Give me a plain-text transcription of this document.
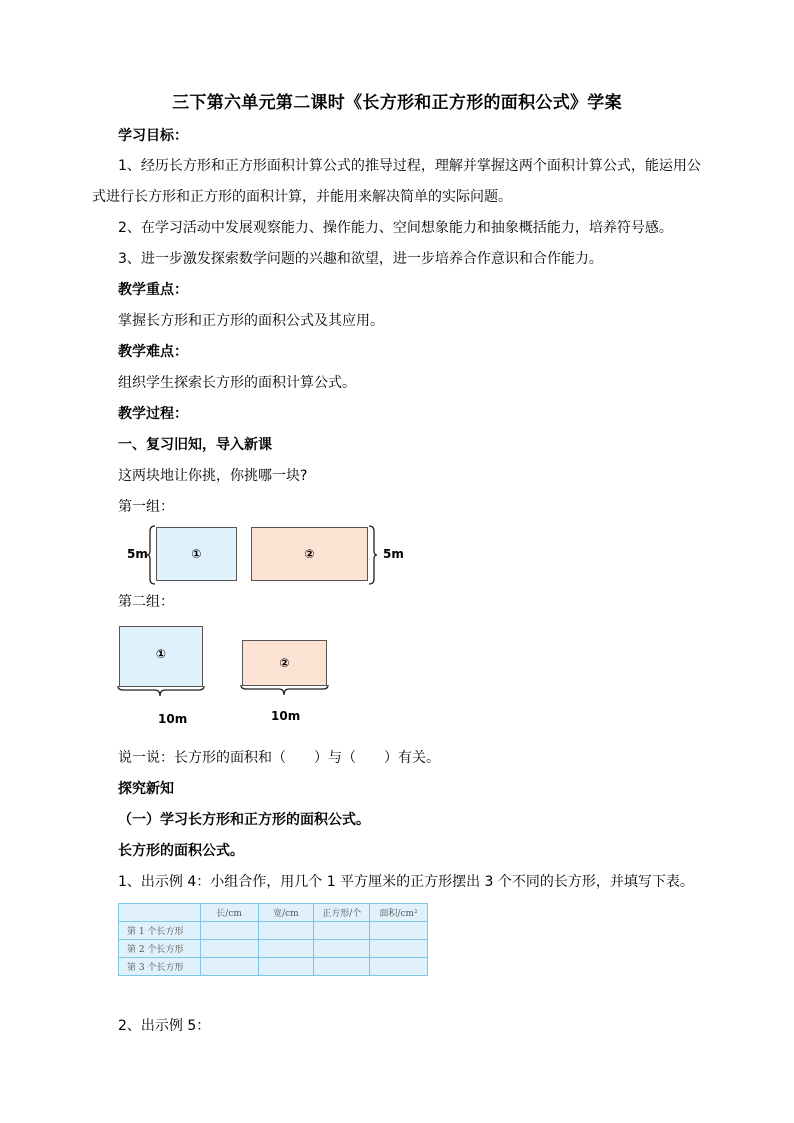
三下第六单元第二课时《长方形和正方形的面积公式》学案
学习目标：
1、经历长方形和正方形面积计算公式的推导过程，理解并掌握这两个面积计算公式，能运用公
式进行长方形和正方形的面积计算，并能用来解决简单的实际问题。
2、在学习活动中发展观察能力、操作能力、空间想象能力和抽象概括能力，培养符号感。
3、进一步激发探索数学问题的兴趣和欲望，进一步培养合作意识和合作能力。
教学重点：
掌握长方形和正方形的面积公式及其应用。
教学难点：
组织学生探索长方形的面积计算公式。
教学过程：
一、复习旧知，导入新课
这两块地让你挑，你挑哪一块?
第一组：
5m	①	②	5m
第二组：
①
10m
②
10m
说一说：长方形的面积和（　　）与（　　）有关。
探究新知
（一）学习长方形和正方形的面积公式。
长方形的面积公式。
1、出示例 4：小组合作，用几个 1 平方厘米的正方形摆出 3 个不同的长方形，并填写下表。
	长/cm	宽/cm	正方形/个	面积/cm²
第 1 个长方形				
第 2 个长方形				
第 3 个长方形				
2、出示例 5：
